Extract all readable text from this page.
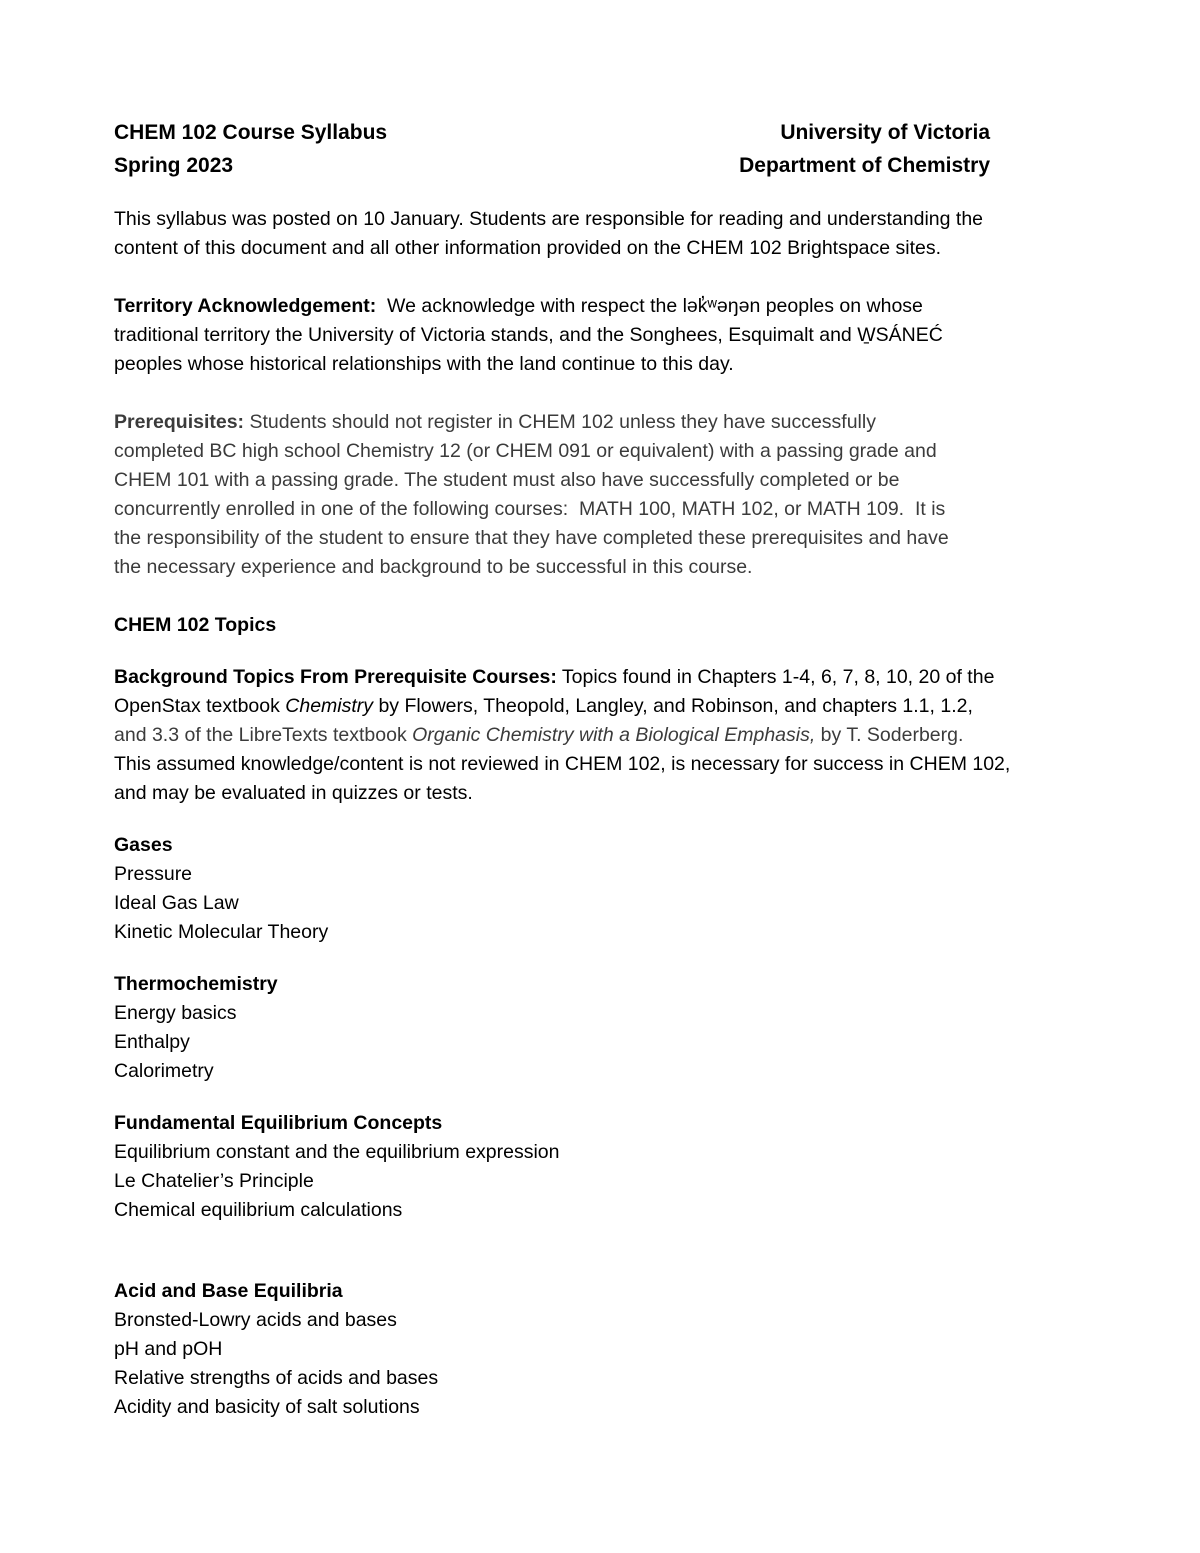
CHEM 102 Course Syllabus	University of Victoria
Spring 2023	Department of Chemistry
This syllabus was posted on 10 January. Students are responsible for reading and understanding the
content of this document and all other information provided on the CHEM 102 Brightspace sites.
Territory Acknowledgement:  We acknowledge with respect the lək̓ʷəŋən peoples on whose
traditional territory the University of Victoria stands, and the Songhees, Esquimalt and W̱SÁNEĆ
peoples whose historical relationships with the land continue to this day.
Prerequisites: Students should not register in CHEM 102 unless they have successfully
completed BC high school Chemistry 12 (or CHEM 091 or equivalent) with a passing grade and
CHEM 101 with a passing grade. The student must also have successfully completed or be
concurrently enrolled in one of the following courses:  MATH 100, MATH 102, or MATH 109.  It is
the responsibility of the student to ensure that they have completed these prerequisites and have
the necessary experience and background to be successful in this course.
CHEM 102 Topics
Background Topics From Prerequisite Courses: Topics found in Chapters 1-4, 6, 7, 8, 10, 20 of the
OpenStax textbook Chemistry by Flowers, Theopold, Langley, and Robinson, and chapters 1.1, 1.2,
and 3.3 of the LibreTexts textbook Organic Chemistry with a Biological Emphasis, by T. Soderberg.
This assumed knowledge/content is not reviewed in CHEM 102, is necessary for success in CHEM 102,
and may be evaluated in quizzes or tests.
Gases
Pressure
Ideal Gas Law
Kinetic Molecular Theory
Thermochemistry
Energy basics
Enthalpy
Calorimetry
Fundamental Equilibrium Concepts
Equilibrium constant and the equilibrium expression
Le Chatelier’s Principle
Chemical equilibrium calculations
Acid and Base Equilibria
Bronsted-Lowry acids and bases
pH and pOH
Relative strengths of acids and bases
Acidity and basicity of salt solutions
